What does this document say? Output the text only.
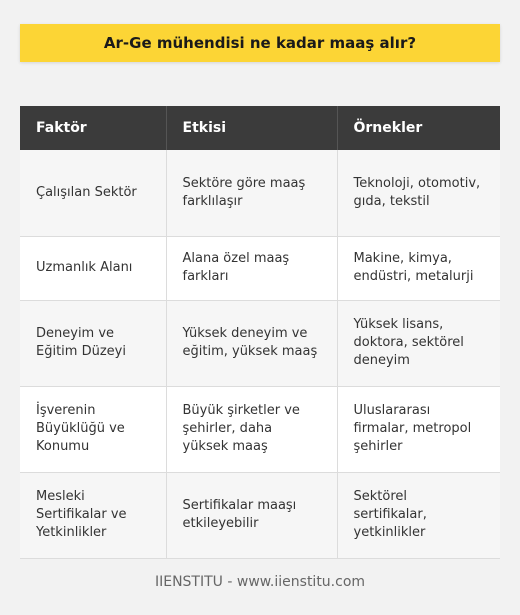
Ar-Ge mühendisi ne kadar maaş alır?
Faktör	Etkisi	Örnekler
Çalışılan Sektör	Sektöre göre maaş farklılaşır	Teknoloji, otomotiv, gıda, tekstil
Uzmanlık Alanı	Alana özel maaş farkları	Makine, kimya, endüstri, metalurji
Deneyim ve Eğitim Düzeyi	Yüksek deneyim ve eğitim, yüksek maaş	Yüksek lisans, doktora, sektörel deneyim
İşverenin Büyüklüğü ve Konumu	Büyük şirketler ve şehirler, daha yüksek maaş	Uluslararası firmalar, metropol şehirler
Mesleki Sertifikalar ve Yetkinlikler	Sertifikalar maaşı etkileyebilir	Sektörel sertifikalar, yetkinlikler
IIENSTITU - www.iienstitu.com
